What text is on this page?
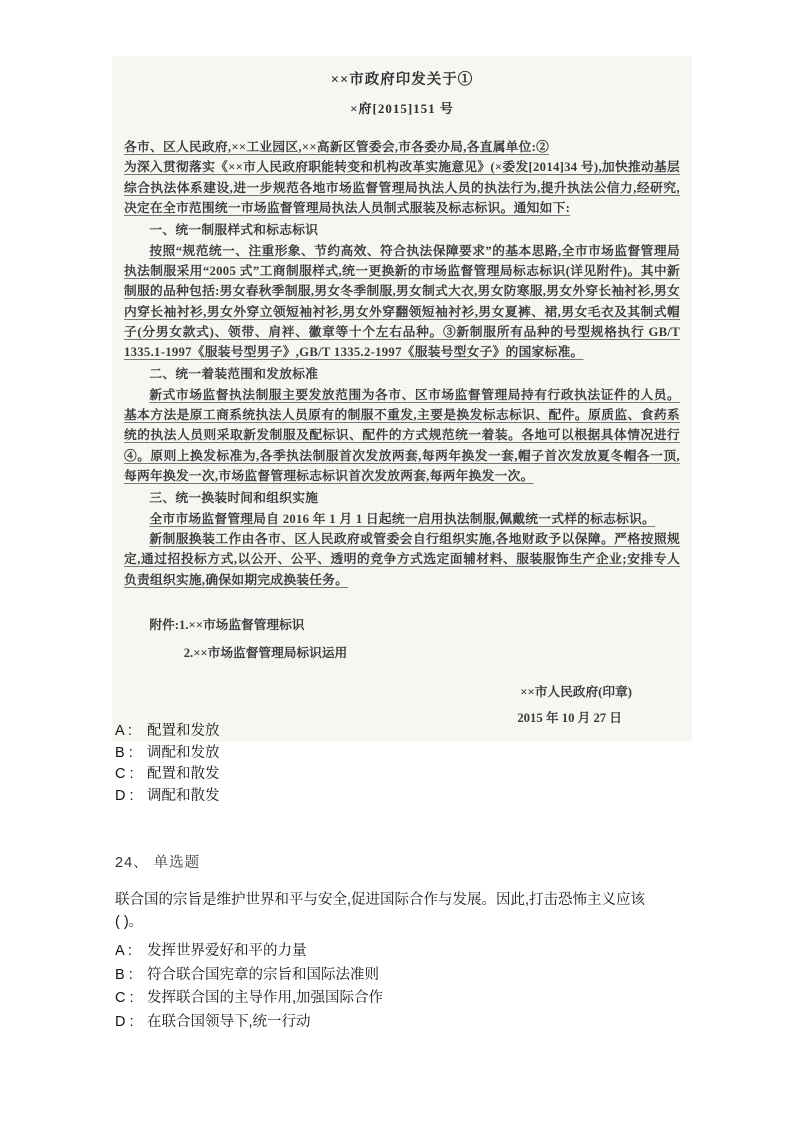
××市政府印发关于①
×府[2015]151 号

各市、区人民政府,××工业园区,××高新区管委会,市各委办局,各直属单位:②

为深入贯彻落实《××市人民政府职能转变和机构改革实施意见》(×委发[2014]34 号),加快推动基层综合执法体系建设,进一步规范各地市场监督管理局执法人员的执法行为,提升执法公信力,经研究,决定在全市范围统一市场监督管理局执法人员制式服装及标志标识。通知如下:

一、统一制服样式和标志标识

按照“规范统一、注重形象、节约高效、符合执法保障要求”的基本思路,全市市场监督管理局执法制服采用“2005 式”工商制服样式,统一更换新的市场监督管理局标志标识(详见附件)。其中新制服的品种包括:男女春秋季制服,男女冬季制服,男女制式大衣,男女防寒服,男女外穿长袖衬衫,男女内穿长袖衬衫,男女外穿立领短袖衬衫,男女外穿翻领短袖衬衫,男女夏裤、裙,男女毛衣及其制式帽子(分男女款式)、领带、肩袢、徽章等十个左右品种。③新制服所有品种的号型规格执行 GB/T 1335.1-1997《服装号型男子》,GB/T 1335.2-1997《服装号型女子》的国家标准。

二、统一着装范围和发放标准

新式市场监督执法制服主要发放范围为各市、区市场监督管理局持有行政执法证件的人员。基本方法是原工商系统执法人员原有的制服不重发,主要是换发标志标识、配件。原质监、食药系统的执法人员则采取新发制服及配标识、配件的方式规范统一着装。各地可以根据具体情况进行④。原则上换发标准为,各季执法制服首次发放两套,每两年换发一套,帽子首次发放夏冬帽各一顶,每两年换发一次,市场监督管理标志标识首次发放两套,每两年换发一次。

三、统一换装时间和组织实施

全市市场监督管理局自 2016 年 1 月 1 日起统一启用执法制服,佩戴统一式样的标志标识。

新制服换装工作由各市、区人民政府或管委会自行组织实施,各地财政予以保障。严格按照规定,通过招投标方式,以公开、公平、透明的竞争方式选定面辅材料、服装服饰生产企业;安排专人负责组织实施,确保如期完成换装任务。

附件:1.××市场监督管理标识

2.××市场监督管理局标识运用

××市人民政府(印章)

2015 年 10 月 27 日

A : 配置和发放
B : 调配和发放
C : 配置和散发
D : 调配和散发
24、 单选题

联合国的宗旨是维护世界和平与安全,促进国际合作与发展。因此,打击恐怖主义应该
( )。

A : 发挥世界爱好和平的力量
B : 符合联合国宪章的宗旨和国际法准则
C : 发挥联合国的主导作用,加强国际合作
D : 在联合国领导下,统一行动
